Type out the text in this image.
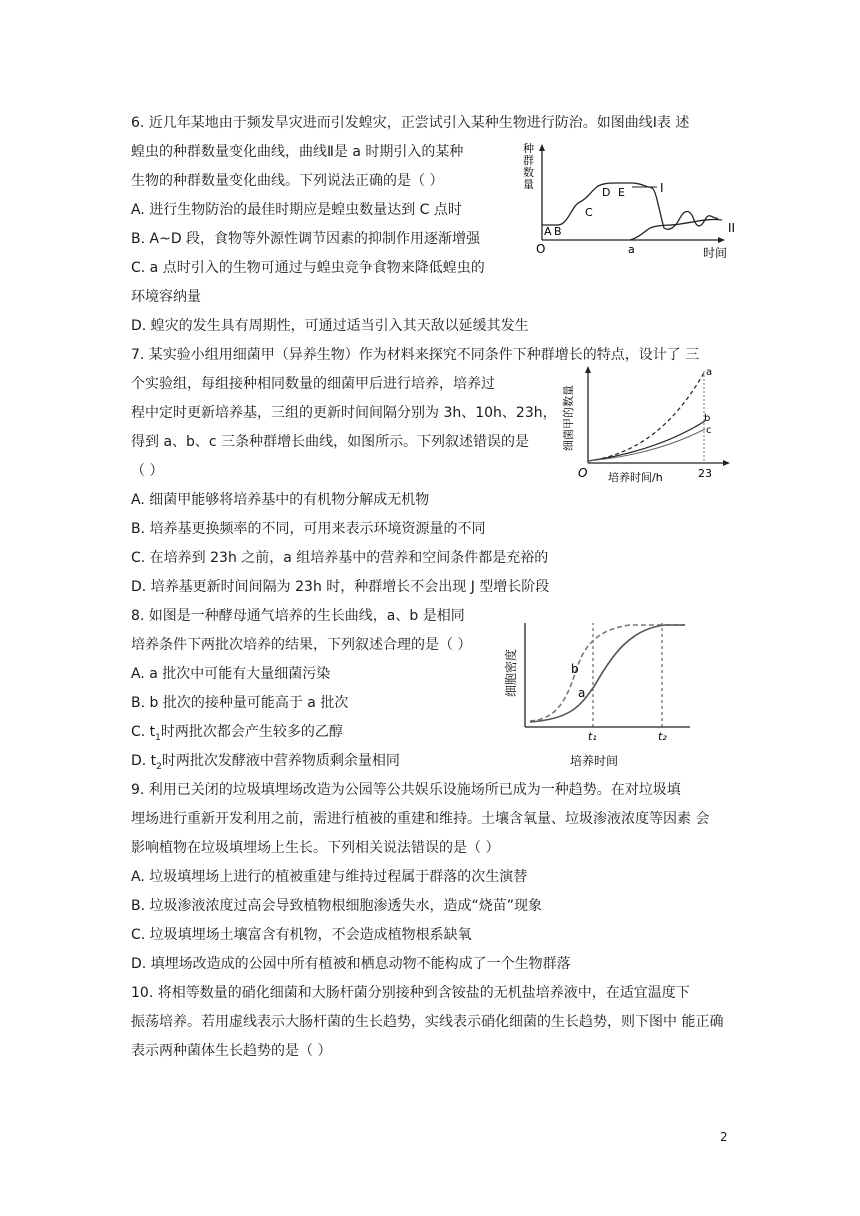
6. 近几年某地由于频发旱灾进而引发蝗灾，正尝试引入某种生物进行防治。如图曲线Ⅰ表 述
蝗虫的种群数量变化曲线，曲线Ⅱ是 a 时期引入的某种
生物的种群数量变化曲线。下列说法正确的是（ ）
A. 进行生物防治的最佳时期应是蝗虫数量达到 C 点时
B. A~D 段，食物等外源性调节因素的抑制作用逐渐增强
C. a 点时引入的生物可通过与蝗虫竞争食物来降低蝗虫的
环境容纳量
D. 蝗灾的发生具有周期性，可通过适当引入其天敌以延缓其发生
种
群
数
量
时间
O
I
II
A B
C
D E
a
7. 某实验小组用细菌甲（异养生物）作为材料来探究不同条件下种群增长的特点，设计了 三
个实验组，每组接种相同数量的细菌甲后进行培养，培养过
程中定时更新培养基，三组的更新时间间隔分别为 3h、10h、23h，
得到 a、b、c 三条种群增长曲线，如图所示。下列叙述错误的是
（ ）
A. 细菌甲能够将培养基中的有机物分解成无机物
B. 培养基更换频率的不同，可用来表示环境资源量的不同
C. 在培养到 23h 之前，a 组培养基中的营养和空间条件都是充裕的
D. 培养基更新时间间隔为 23h 时，种群增长不会出现 J 型增长阶段
O 培养时间/h	23
细菌甲的数量
a
b
c
8. 如图是一种酵母通气培养的生长曲线，a、b 是相同
培养条件下两批次培养的结果，下列叙述合理的是（ ）
A. a 批次中可能有大量细菌污染
B. b 批次的接种量可能高于 a 批次
C. $t_1$时两批次都会产生较多的乙醇
D. $t_2$时两批次发酵液中营养物质剩余量相同
细胞密度
培养时间
t₁	t₂
b
a
9. 利用已关闭的垃圾填埋场改造为公园等公共娱乐设施场所已成为一种趋势。在对垃圾填
埋场进行重新开发利用之前，需进行植被的重建和维持。土壤含氧量、垃圾渗液浓度等因素 会
影响植物在垃圾填埋场上生长。下列相关说法错误的是（ ）
A. 垃圾填埋场上进行的植被重建与维持过程属于群落的次生演替
B. 垃圾渗液浓度过高会导致植物根细胞渗透失水，造成“烧苗”现象
C. 垃圾填埋场土壤富含有机物，不会造成植物根系缺氧
D. 填埋场改造成的公园中所有植被和栖息动物不能构成了一个生物群落
10. 将相等数量的硝化细菌和大肠杆菌分别接种到含铵盐的无机盐培养液中，在适宜温度下
振荡培养。若用虚线表示大肠杆菌的生长趋势，实线表示硝化细菌的生长趋势，则下图中 能正确
表示两种菌体生长趋势的是（ ）
2
